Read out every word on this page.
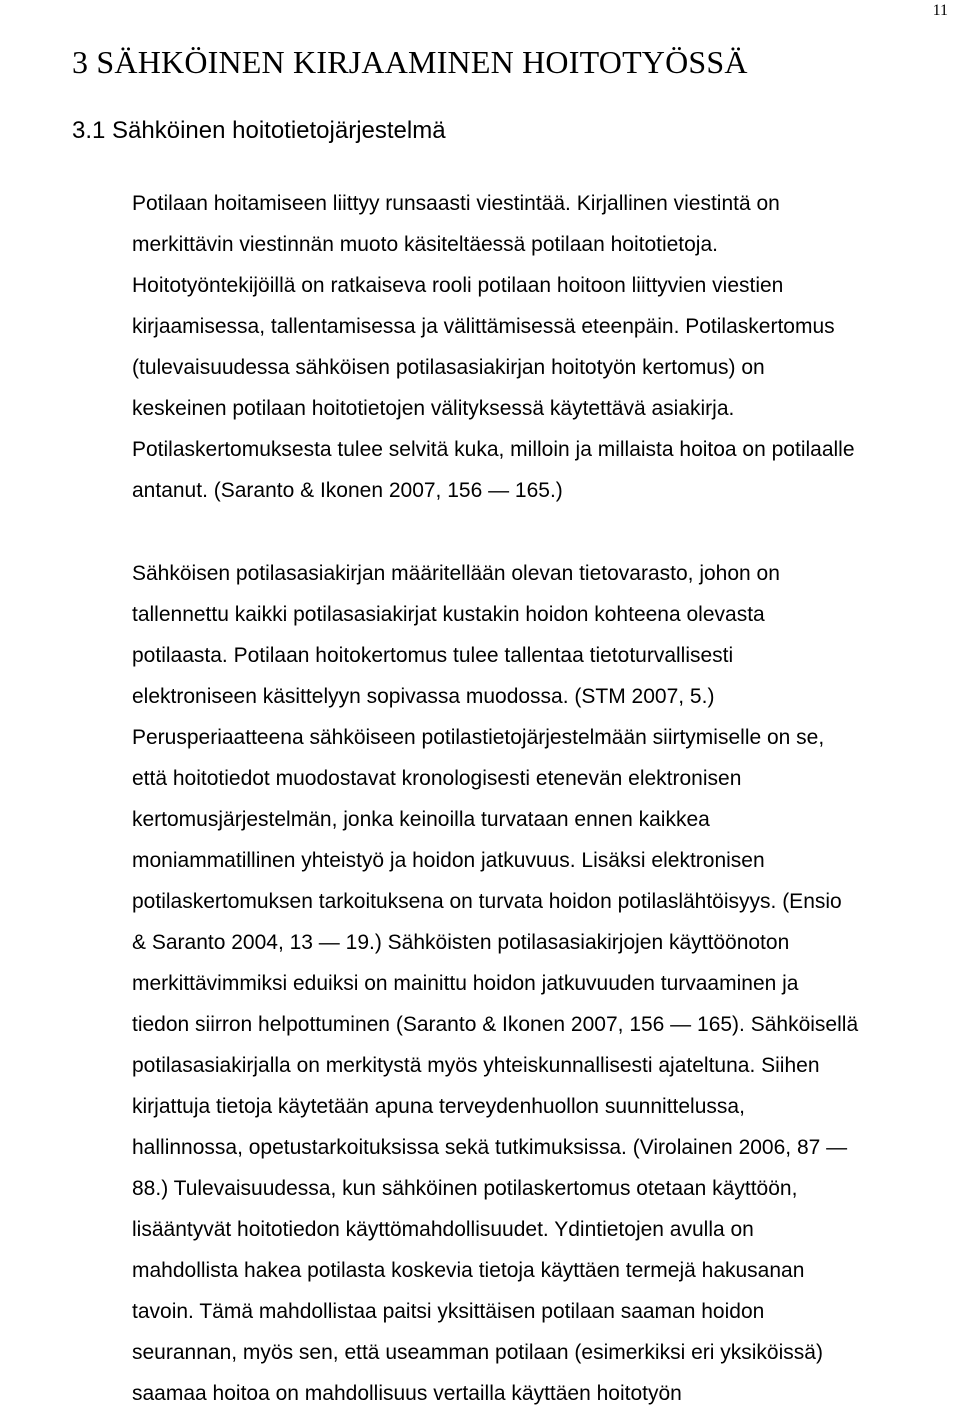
11
3 SÄHKÖINEN KIRJAAMINEN HOITOTYÖSSÄ
3.1 Sähköinen hoitotietojärjestelmä
Potilaan hoitamiseen liittyy runsaasti viestintää. Kirjallinen viestintä on
merkittävin viestinnän muoto käsiteltäessä potilaan hoitotietoja.
Hoitotyöntekijöillä on ratkaiseva rooli potilaan hoitoon liittyvien viestien
kirjaamisessa, tallentamisessa ja välittämisessä eteenpäin. Potilaskertomus
(tulevaisuudessa sähköisen potilasasiakirjan hoitotyön kertomus) on
keskeinen potilaan hoitotietojen välityksessä käytettävä asiakirja.
Potilaskertomuksesta tulee selvitä kuka, milloin ja millaista hoitoa on potilaalle
antanut. (Saranto & Ikonen 2007, 156 — 165.)
Sähköisen potilasasiakirjan määritellään olevan tietovarasto, johon on
tallennettu kaikki potilasasiakirjat kustakin hoidon kohteena olevasta
potilaasta. Potilaan hoitokertomus tulee tallentaa tietoturvallisesti
elektroniseen käsittelyyn sopivassa muodossa. (STM 2007, 5.)
Perusperiaatteena sähköiseen potilastietojärjestelmään siirtymiselle on se,
että hoitotiedot muodostavat kronologisesti etenevän elektronisen
kertomusjärjestelmän, jonka keinoilla turvataan ennen kaikkea
moniammatillinen yhteistyö ja hoidon jatkuvuus. Lisäksi elektronisen
potilaskertomuksen tarkoituksena on turvata hoidon potilaslähtöisyys. (Ensio
& Saranto 2004, 13 — 19.) Sähköisten potilasasiakirjojen käyttöönoton
merkittävimmiksi eduiksi on mainittu hoidon jatkuvuuden turvaaminen ja
tiedon siirron helpottuminen (Saranto & Ikonen 2007, 156 — 165). Sähköisellä
potilasasiakirjalla on merkitystä myös yhteiskunnallisesti ajateltuna. Siihen
kirjattuja tietoja käytetään apuna terveydenhuollon suunnittelussa,
hallinnossa, opetustarkoituksissa sekä tutkimuksissa. (Virolainen 2006, 87 —
88.) Tulevaisuudessa, kun sähköinen potilaskertomus otetaan käyttöön,
lisääntyvät hoitotiedon käyttömahdollisuudet. Ydintietojen avulla on
mahdollista hakea potilasta koskevia tietoja käyttäen termejä hakusanan
tavoin. Tämä mahdollistaa paitsi yksittäisen potilaan saaman hoidon
seurannan, myös sen, että useamman potilaan (esimerkiksi eri yksiköissä)
saamaa hoitoa on mahdollisuus vertailla käyttäen hoitotyön
